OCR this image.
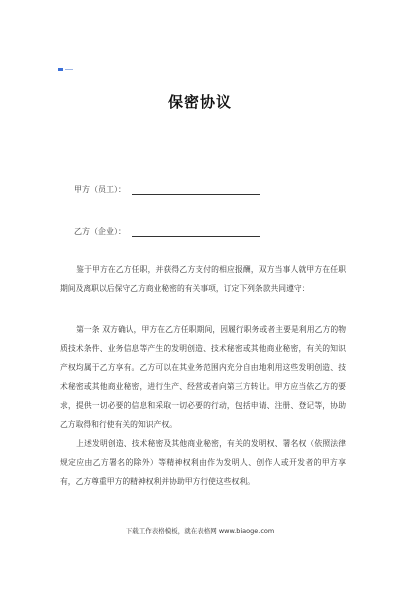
保密协议
甲方（员工）：
乙方（企业）：
鉴于甲方在乙方任职，并获得乙方支付的相应报酬，双方当事人就甲方在任职期间及离职以后保守乙方商业秘密的有关事项，订定下列条款共同遵守：
第一条 双方确认，甲方在乙方任职期间，因履行职务或者主要是利用乙方的物质技术条件、业务信息等产生的发明创造、技术秘密或其他商业秘密，有关的知识产权均属于乙方享有。乙方可以在其业务范围内充分自由地利用这些发明创造、技术秘密或其他商业秘密，进行生产、经营或者向第三方转让。甲方应当依乙方的要求，提供一切必要的信息和采取一切必要的行动，包括申请、注册、登记等，协助乙方取得和行使有关的知识产权。
上述发明创造、技术秘密及其他商业秘密，有关的发明权、署名权（依照法律规定应由乙方署名的除外）等精神权利由作为发明人、创作人或开发者的甲方享有，乙方尊重甲方的精神权利并协助甲方行使这些权利。
下载工作表格模板，就在表格网 www.biaoge.com
